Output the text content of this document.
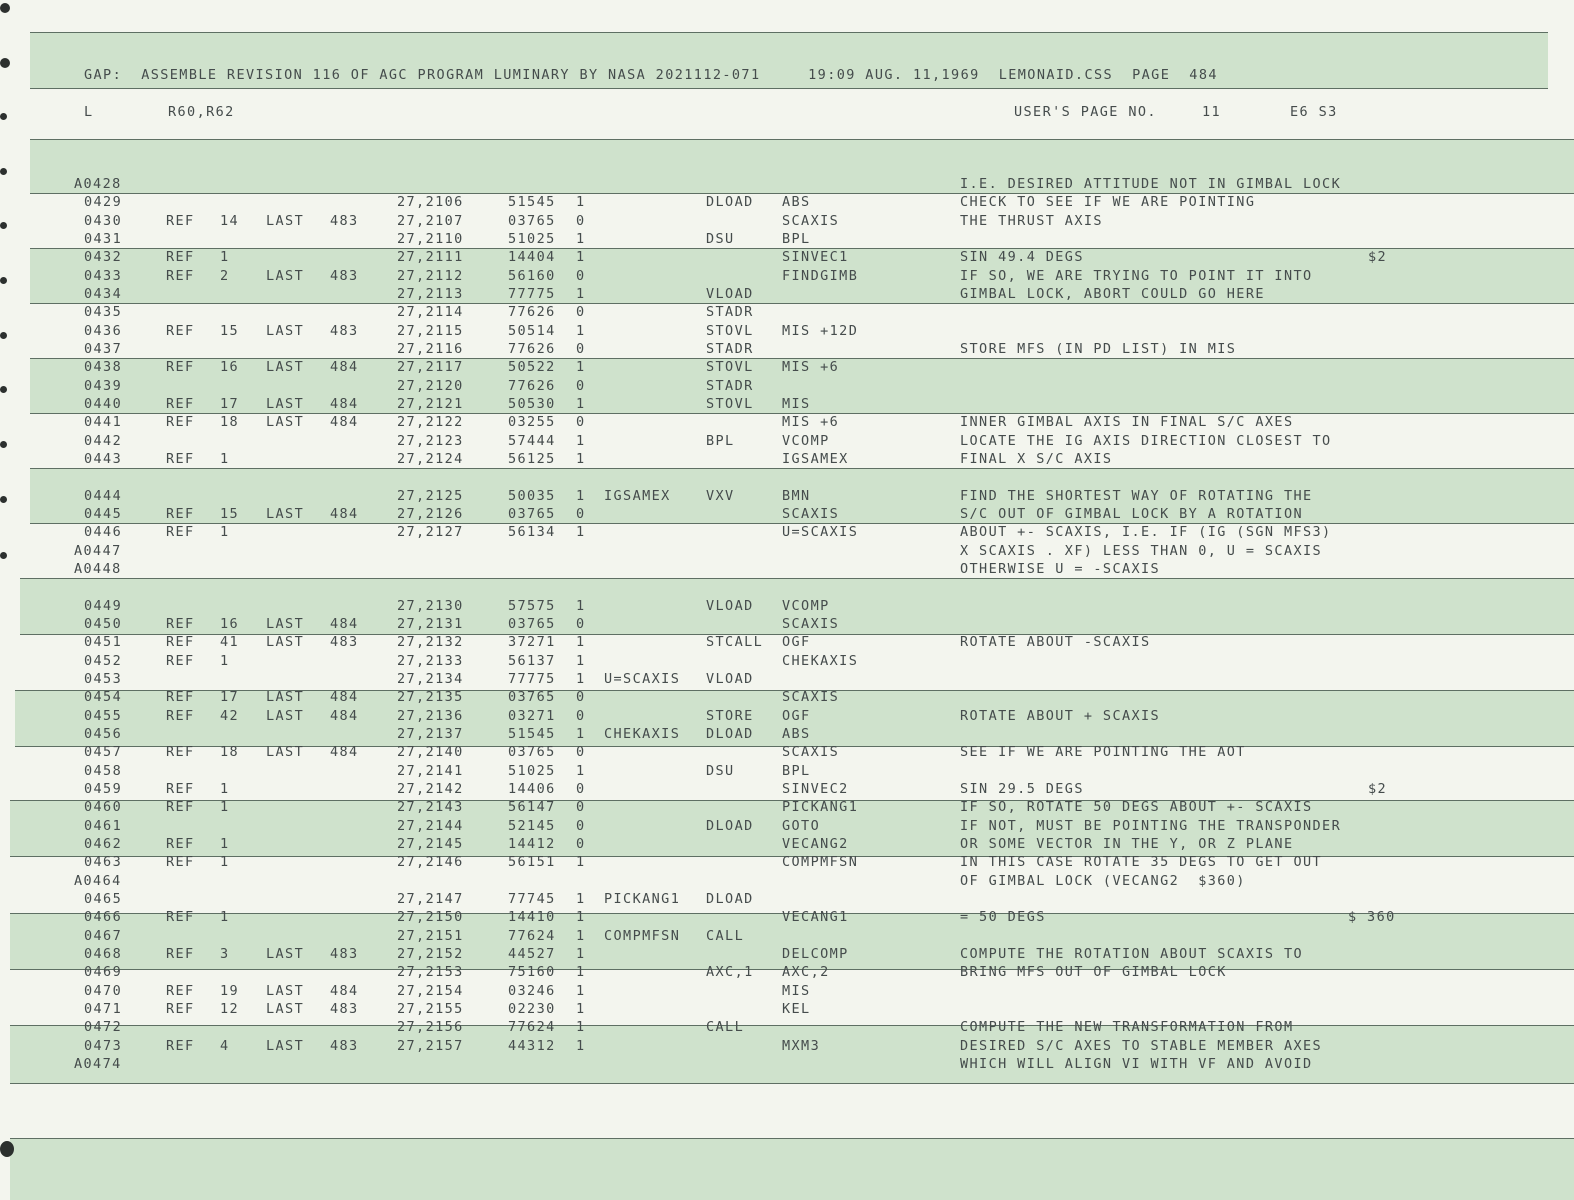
GAP: ASSEMBLE REVISION 116 OF AGC PROGRAM LUMINARY BY NASA 2021112-071	19:09 AUG. 11,1969 LEMONAID.CSS PAGE 484
L	R60,R62	USER'S PAGE NO.	11	E6 S3
A0428	I.E. DESIRED ATTITUDE NOT IN GIMBAL LOCK
0429	27,2106	51545 1	DLOAD ABS	CHECK TO SEE IF WE ARE POINTING
0430	REF 14 LAST 483	27,2107	03765 0	SCAXIS	THE THRUST AXIS
0431	27,2110	51025 1	DSU	BPL
0432	REF 1	27,2111	14404 1	SINVEC1	SIN 49.4 DEGS	$2
0433	REF 2	LAST 483	27,2112	56160 0	FINDGIMB	IF SO, WE ARE TRYING TO POINT IT INTO
0434	27,2113	77775 1	VLOAD	GIMBAL LOCK, ABORT COULD GO HERE
0435	27,2114	77626 0	STADR
0436	REF 15 LAST 483	27,2115	50514 1	STOVL MIS +12D
0437	27,2116	77626 0	STADR	STORE MFS (IN PD LIST) IN MIS
0438	REF 16 LAST 484	27,2117	50522 1	STOVL MIS +6
0439	27,2120	77626 0	STADR
0440	REF 17 LAST 484	27,2121	50530 1	STOVL MIS
0441	REF 18 LAST 484	27,2122	03255 0	MIS +6	INNER GIMBAL AXIS IN FINAL S/C AXES
0442	27,2123	57444 1	BPL	VCOMP	LOCATE THE IG AXIS DIRECTION CLOSEST TO
0443	REF 1	27,2124	56125 1	IGSAMEX	FINAL X S/C AXIS
0444	27,2125	50035 1 IGSAMEX	VXV	BMN	FIND THE SHORTEST WAY OF ROTATING THE
0445	REF 15 LAST 484	27,2126	03765 0	SCAXIS	S/C OUT OF GIMBAL LOCK BY A ROTATION
0446	REF 1	27,2127	56134 1	U=SCAXIS	ABOUT +- SCAXIS, I.E. IF (IG (SGN MFS3)
A0447	X SCAXIS . XF) LESS THAN 0, U = SCAXIS
A0448	OTHERWISE U = -SCAXIS
0449	27,2130	57575 1	VLOAD VCOMP
0450	REF 16 LAST 484	27,2131	03765 0	SCAXIS
0451	REF 41 LAST 483	27,2132	37271 1	STCALL OGF	ROTATE ABOUT -SCAXIS
0452	REF 1	27,2133	56137 1	CHEKAXIS
0453	27,2134	77775 1 U=SCAXIS VLOAD
0454	REF 17 LAST 484	27,2135	03765 0	SCAXIS
0455	REF 42 LAST 484	27,2136	03271 0	STORE OGF	ROTATE ABOUT + SCAXIS
0456	27,2137	51545 1 CHEKAXIS DLOAD ABS
0457	REF 18 LAST 484	27,2140	03765 0	SCAXIS	SEE IF WE ARE POINTING THE AOT
0458	27,2141	51025 1	DSU	BPL
0459	REF 1	27,2142	14406 0	SINVEC2	SIN 29.5 DEGS	$2
0460	REF 1	27,2143	56147 0	PICKANG1	IF SO, ROTATE 50 DEGS ABOUT +- SCAXIS
0461	27,2144	52145 0	DLOAD GOTO	IF NOT, MUST BE POINTING THE TRANSPONDER
0462	REF 1	27,2145	14412 0	VECANG2	OR SOME VECTOR IN THE Y, OR Z PLANE
0463	REF 1	27,2146	56151 1	COMPMFSN	IN THIS CASE ROTATE 35 DEGS TO GET OUT
A0464	OF GIMBAL LOCK (VECANG2  $360)
0465	27,2147	77745 1 PICKANG1 DLOAD
0466	REF 1	27,2150	14410 1	VECANG1	= 50 DEGS	$ 360
0467	27,2151	77624 1 COMPMFSN CALL
0468	REF 3	LAST 483	27,2152	44527 1	DELCOMP	COMPUTE THE ROTATION ABOUT SCAXIS TO
0469	27,2153	75160 1	AXC,1 AXC,2	BRING MFS OUT OF GIMBAL LOCK
0470	REF 19 LAST 484	27,2154	03246 1	MIS
0471	REF 12 LAST 483	27,2155	02230 1	KEL
0472	27,2156	77624 1	CALL	COMPUTE THE NEW TRANSFORMATION FROM
0473	REF 4	LAST 483	27,2157	44312 1	MXM3	DESIRED S/C AXES TO STABLE MEMBER AXES
A0474	WHICH WILL ALIGN VI WITH VF AND AVOID
